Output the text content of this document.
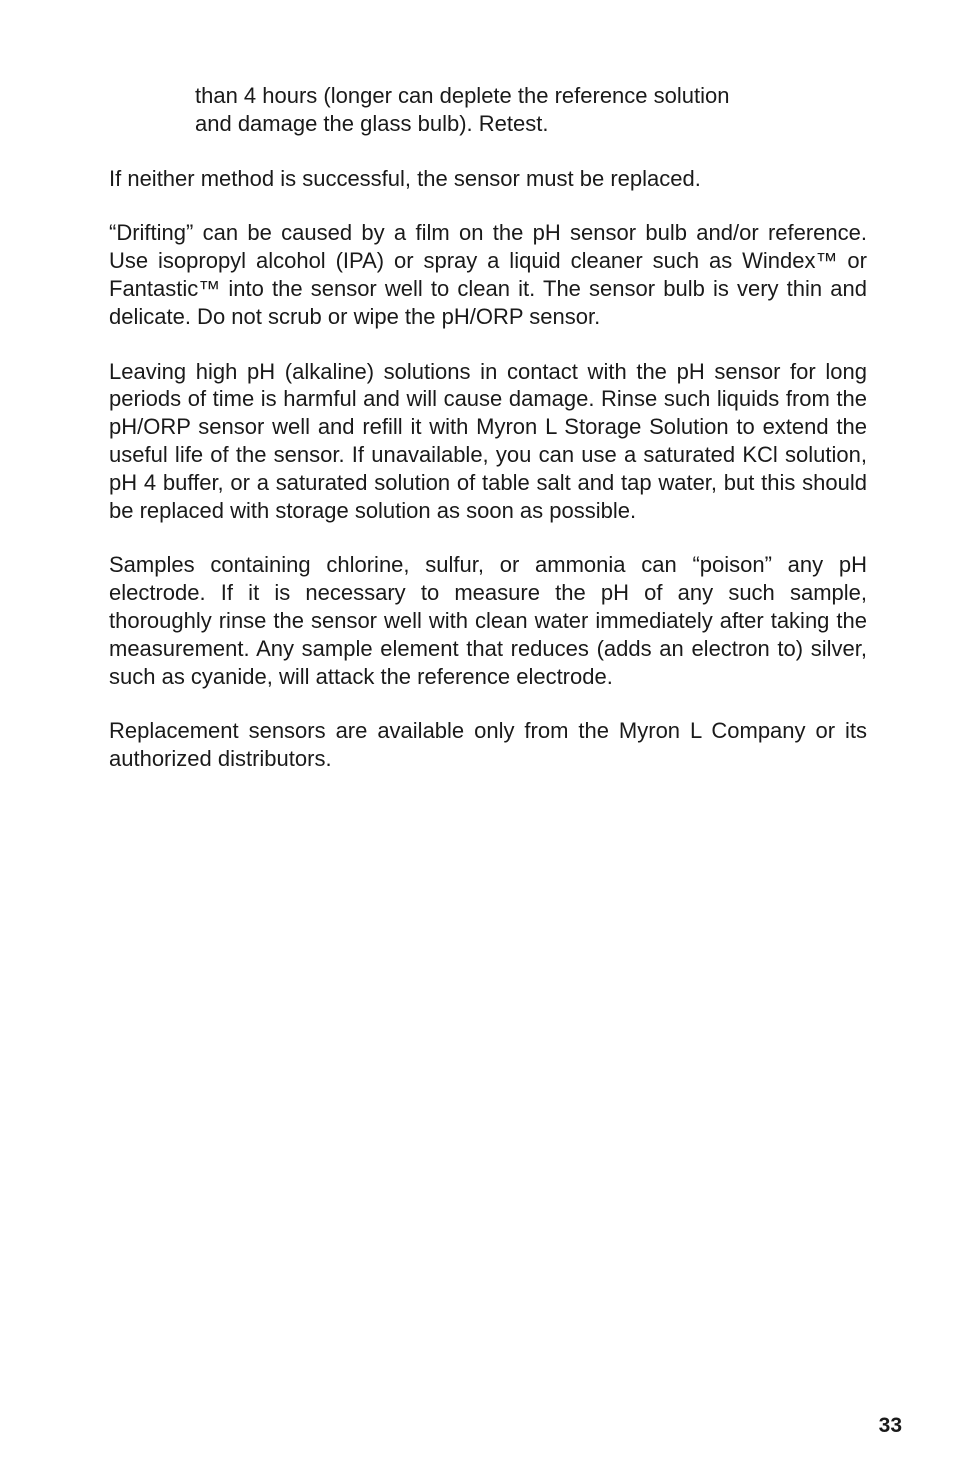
than 4 hours (longer can deplete the reference solution
and damage the glass bulb). Retest.

If neither method is successful, the sensor must be replaced.

“Drifting” can be caused by a film on the pH sensor bulb and/or reference. Use isopropyl alcohol (IPA) or spray a liquid cleaner such as Windex™ or Fantastic™ into the sensor well to clean it. The sensor bulb is very thin and delicate. Do not scrub or wipe the pH/ORP sensor.

Leaving high pH (alkaline) solutions in contact with the pH sensor for long periods of time is harmful and will cause damage. Rinse such liquids from the pH/ORP sensor well and refill it with Myron L Storage Solution to extend the useful life of the sensor. If unavailable, you can use a saturated KCl solution, pH 4 buffer, or a saturated solution of table salt and tap water, but this should be replaced with storage solution as soon as possible.

Samples containing chlorine, sulfur, or ammonia can “poison” any pH electrode. If it is necessary to measure the pH of any such sample, thoroughly rinse the sensor well with clean water immediately after taking the measurement. Any sample element that reduces (adds an electron to) silver, such as cyanide, will attack the reference electrode.

Replacement sensors are available only from the Myron L Company or its authorized distributors.

33
